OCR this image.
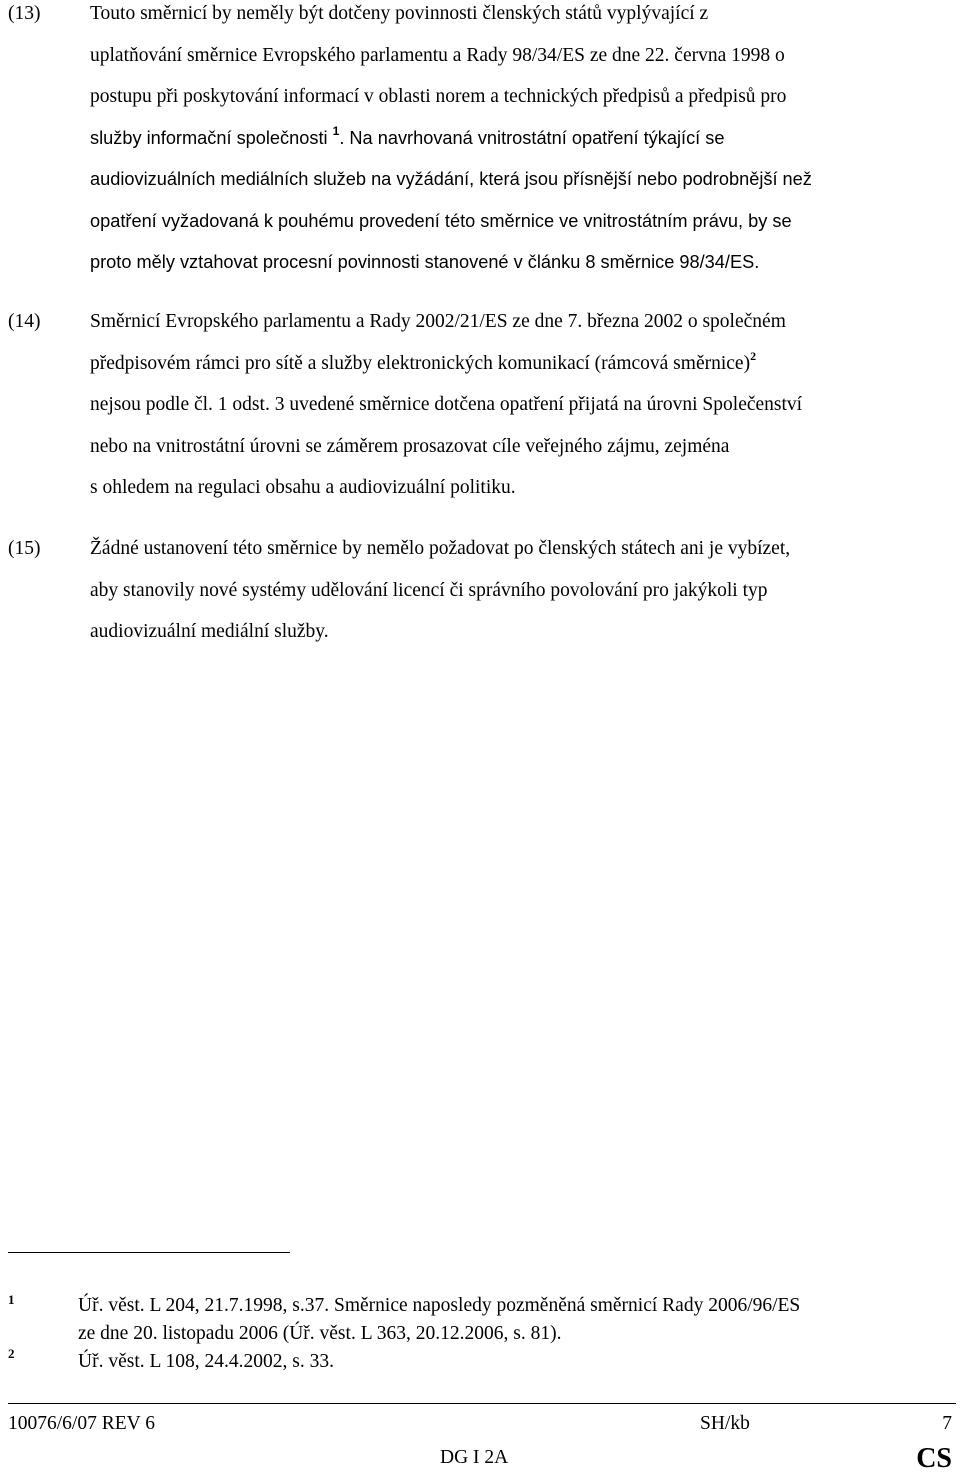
(13)	Touto směrnicí by neměly být dotčeny povinnosti členských států vyplývající z
uplatňování směrnice Evropského parlamentu a Rady 98/34/ES ze dne 22. června 1998 o
postupu při poskytování informací v oblasti norem a technických předpisů a předpisů pro
služby informační společnosti $^1$. Na navrhovaná vnitrostátní opatření týkající se
audiovizuálních mediálních služeb na vyžádání, která jsou přísnější nebo podrobnější než
opatření vyžadovaná k pouhému provedení této směrnice ve vnitrostátním právu, by se
proto měly vztahovat procesní povinnosti stanovené v článku 8 směrnice 98/34/ES.
(14)	Směrnicí Evropského parlamentu a Rady 2002/21/ES ze dne 7. března 2002 o společném
předpisovém rámci pro sítě a služby elektronických komunikací (rámcová směrnice)$^2$
nejsou podle čl. 1 odst. 3 uvedené směrnice dotčena opatření přijatá na úrovni Společenství
nebo na vnitrostátní úrovni se záměrem prosazovat cíle veřejného zájmu, zejména
s ohledem na regulaci obsahu a audiovizuální politiku.
(15)	Žádné ustanovení této směrnice by nemělo požadovat po členských státech ani je vybízet,
aby stanovily nové systémy udělování licencí či správního povolování pro jakýkoli typ
audiovizuální mediální služby.
1	Úř. věst. L 204, 21.7.1998, s.37. Směrnice naposledy pozměněná směrnicí Rady 2006/96/ES
ze dne 20. listopadu 2006 (Úř. věst. L 363, 20.12.2006, s. 81).
2	Úř. věst. L 108, 24.4.2002, s. 33.
10076/6/07 REV 6	SH/kb	7
DG I 2A	CS
